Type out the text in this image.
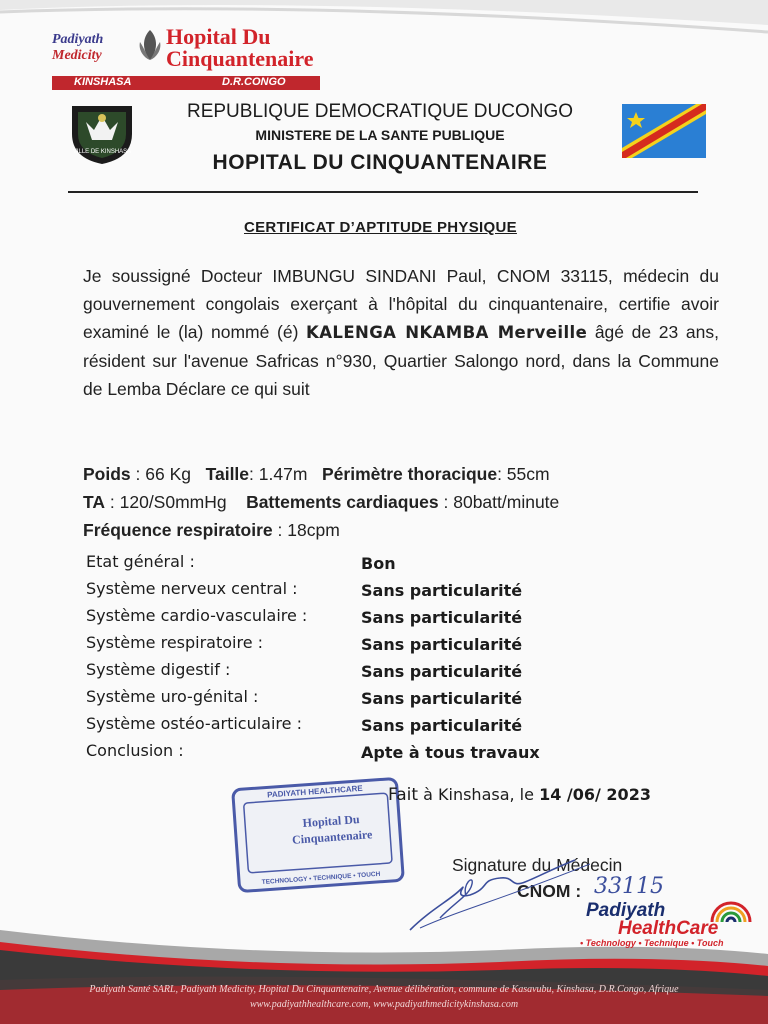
Padiyath
Medicity
Hopital Du
Cinquantenaire
KINSHASA	D.R.CONGO
VILLE DE KINSHASA
REPUBLIQUE DEMOCRATIQUE DUCONGO
MINISTERE DE LA SANTE PUBLIQUE
HOPITAL DU CINQUANTENAIRE
CERTIFICAT D’APTITUDE PHYSIQUE
Je soussigné Docteur IMBUNGU SINDANI Paul, CNOM 33115, médecin du gouvernement congolais exerçant à l'hôpital du cinquantenaire, certifie avoir examiné le (la) nommé (é) KALENGA NKAMBA Merveille âgé de 23 ans, résident sur l'avenue Safricas n°930, Quartier Salongo nord, dans la Commune de Lemba Déclare ce qui suit
Poids : 66 Kg Taille: 1.47m Périmètre thoracique: 55cm
TA : 120/S0mmHg Battements cardiaques : 80batt/minute
Fréquence respiratoire : 18cpm
Etat général :	Bon
Système nerveux central :	Sans particularité
Système cardio-vasculaire :	Sans particularité
Système respiratoire :	Sans particularité
Système digestif :	Sans particularité
Système uro-génital :	Sans particularité
Système ostéo-articulaire :	Sans particularité
Conclusion :	Apte à tous travaux
PADIYATH HEALTHCARE
Hopital Du
Cinquantenaire
TECHNOLOGY • TECHNIQUE • TOUCH
Fait à Kinshasa, le 14 /06/ 2023
Signature du Médecin
CNOM : 33115
Padiyath
HealthCare
• Technology • Technique • Touch
Padiyath Santé SARL, Padiyath Medicity, Hopital Du Cinquantenaire, Avenue délibération, commune de Kasavubu, Kinshasa, D.R.Congo, Afrique
www.padiyathhealthcare.com, www.padiyathmedicitykinshasa.com
